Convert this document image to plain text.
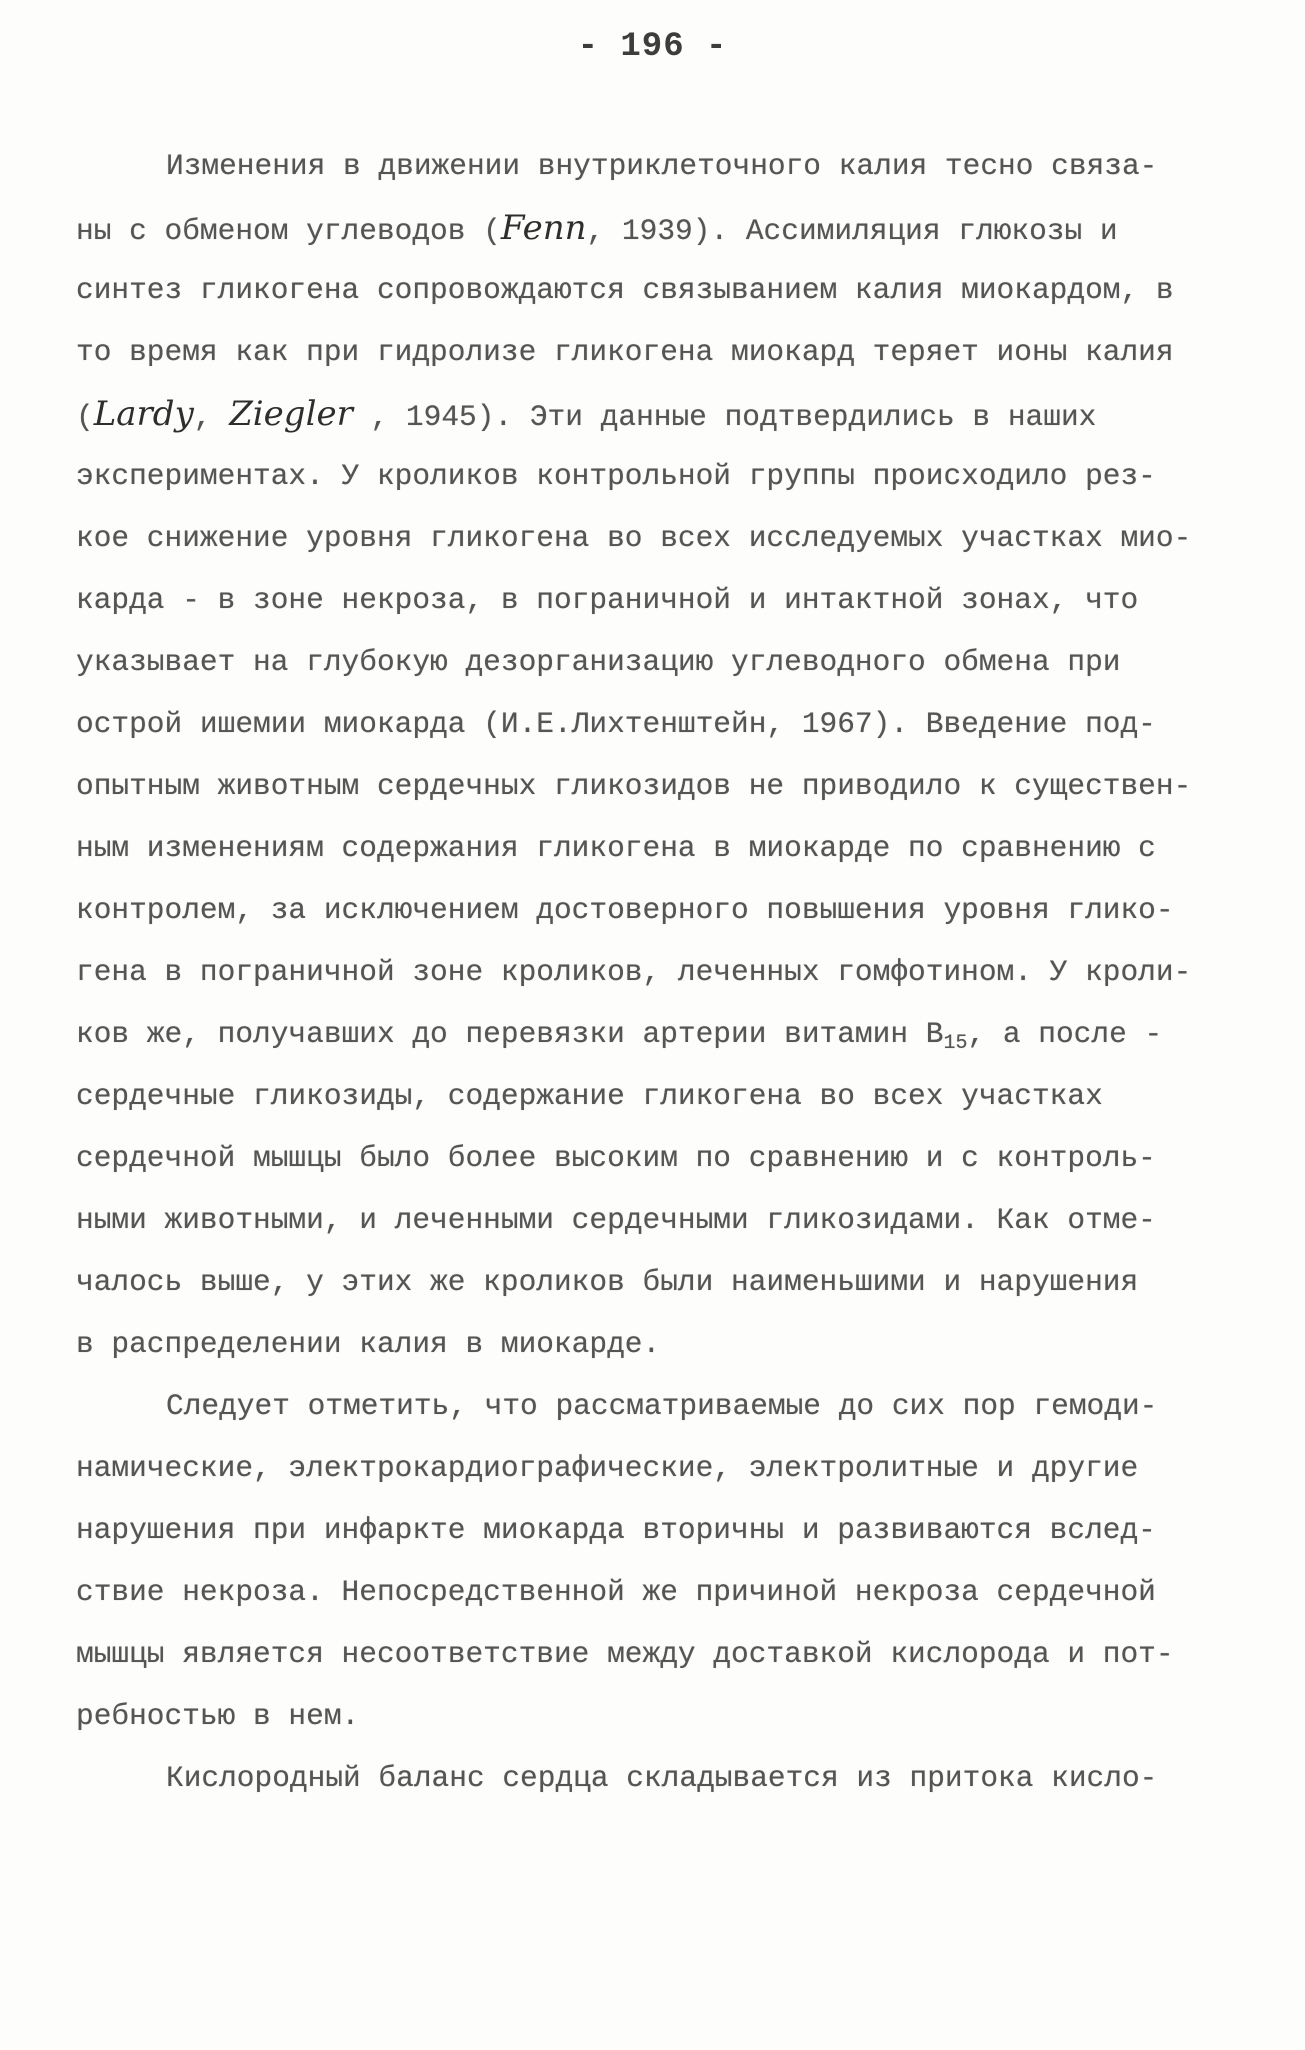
- 196 -
Изменения в движении внутриклеточного калия тесно связа-
ны с обменом углеводов (Fenn, 1939). Ассимиляция глюкозы и
синтез гликогена сопровождаются связыванием калия миокардом, в
то время как при гидролизе гликогена миокард теряет ионы калия
(Lardy, Ziegler , 1945). Эти данные подтвердились в наших
экспериментах. У кроликов контрольной группы происходило рез-
кое снижение уровня гликогена во всех исследуемых участках мио-
карда - в зоне некроза, в пограничной и интактной зонах, что
указывает на глубокую дезорганизацию углеводного обмена при
острой ишемии миокарда (И.Е.Лихтенштейн, 1967). Введение под-
опытным животным сердечных гликозидов не приводило к существен-
ным изменениям содержания гликогена в миокарде по сравнению с
контролем, за исключением достоверного повышения уровня глико-
гена в пограничной зоне кроликов, леченных гомфотином. У кроли-
ков же, получавших до перевязки артерии витамин $B_{15}$, а после -
сердечные гликозиды, содержание гликогена во всех участках
сердечной мышцы было более высоким по сравнению и с контроль-
ными животными, и леченными сердечными гликозидами. Как отме-
чалось выше, у этих же кроликов были наименьшими и нарушения
в распределении калия в миокарде.
Следует отметить, что рассматриваемые до сих пор гемоди-
намические, электрокардиографические, электролитные и другие
нарушения при инфаркте миокарда вторичны и развиваются вслед-
ствие некроза. Непосредственной же причиной некроза сердечной
мышцы является несоответствие между доставкой кислорода и пот-
ребностью в нем.
Кислородный баланс сердца складывается из притока кисло-
